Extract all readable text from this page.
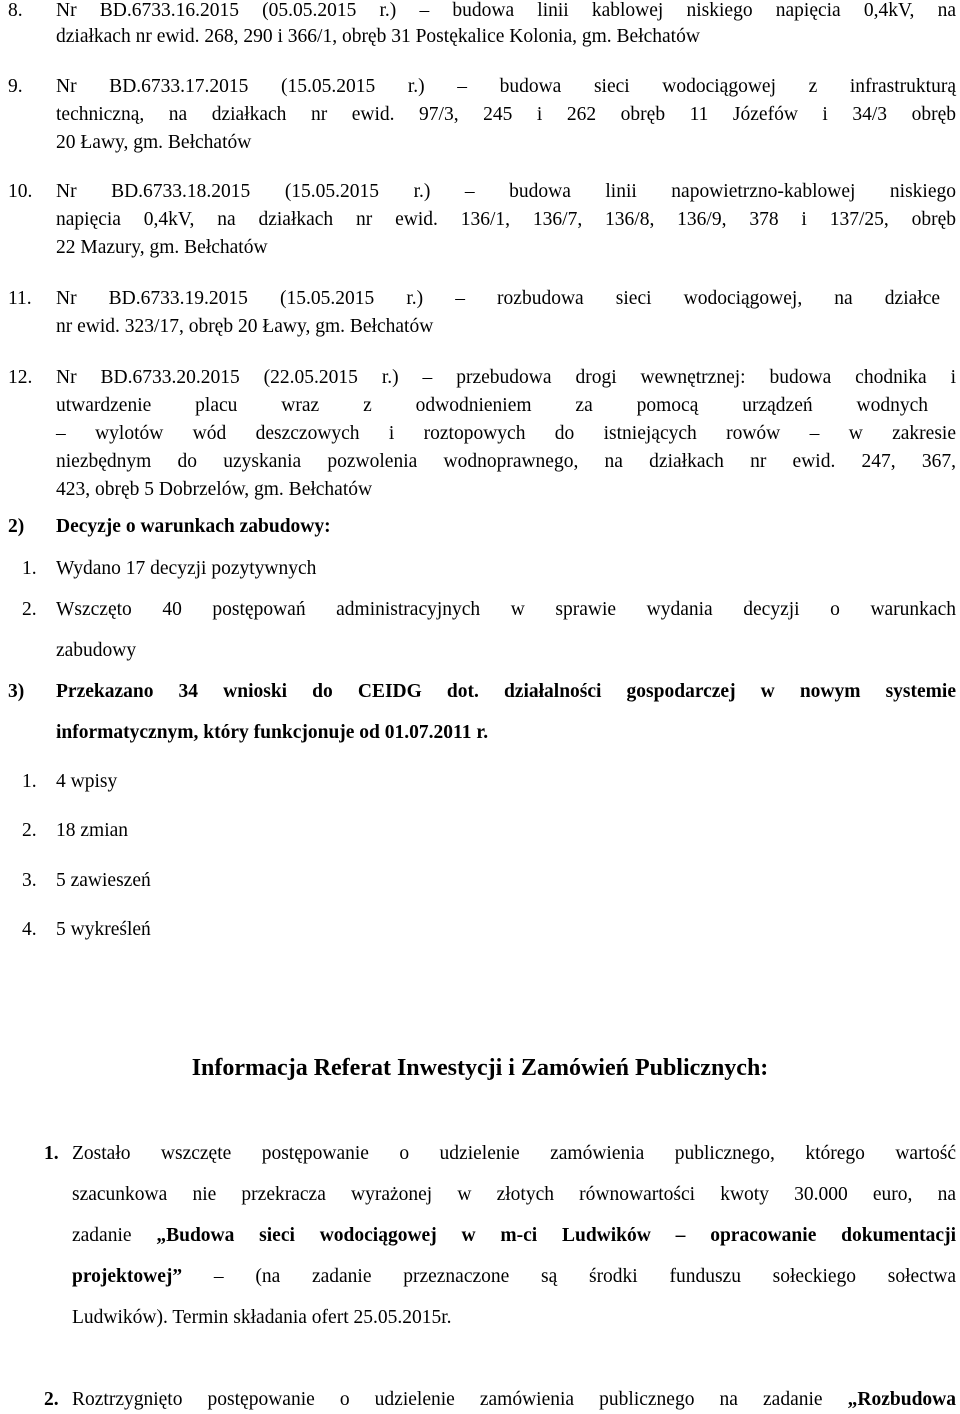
8. Nr BD.6733.16.2015 (05.05.2015 r.) – budowa linii kablowej niskiego napięcia 0,4kV, na
działkach nr ewid. 268, 290 i 366/1, obręb 31 Postękalice Kolonia, gm. Bełchatów
9. Nr BD.6733.17.2015 (15.05.2015 r.) – budowa sieci wodociągowej z infrastrukturą
techniczną, na działkach nr ewid. 97/3, 245 i 262 obręb 11 Józefów i 34/3 obręb
20 Ławy, gm. Bełchatów
10. Nr BD.6733.18.2015 (15.05.2015 r.) – budowa linii napowietrzno-kablowej niskiego
napięcia 0,4kV, na działkach nr ewid. 136/1, 136/7, 136/8, 136/9, 378 i 137/25, obręb
22 Mazury, gm. Bełchatów
11. Nr BD.6733.19.2015 (15.05.2015 r.) – rozbudowa sieci wodociągowej, na działce
nr ewid. 323/17, obręb 20 Ławy, gm. Bełchatów
12. Nr BD.6733.20.2015 (22.05.2015 r.) – przebudowa drogi wewnętrznej: budowa chodnika i
utwardzenie placu wraz z odwodnieniem za pomocą urządzeń wodnych
– wylotów wód deszczowych i roztopowych do istniejących rowów – w zakresie
niezbędnym do uzyskania pozwolenia wodnoprawnego, na działkach nr ewid. 247, 367,
423, obręb 5 Dobrzelów, gm. Bełchatów
2) Decyzje o warunkach zabudowy:
1. Wydano 17 decyzji pozytywnych
2. Wszczęto 40 postępowań administracyjnych w sprawie wydania decyzji o warunkach
zabudowy
3) Przekazano 34 wnioski do CEIDG dot. działalności gospodarczej w nowym systemie
informatycznym, który funkcjonuje od 01.07.2011 r.
1. 4 wpisy
2. 18 zmian
3. 5 zawieszeń
4. 5 wykreśleń
Informacja Referat Inwestycji i Zamówień Publicznych:
1. Zostało wszczęte postępowanie o udzielenie zamówienia publicznego, którego wartość
szacunkowa nie przekracza wyrażonej w złotych równowartości kwoty 30.000 euro, na
zadanie „Budowa sieci wodociągowej w m-ci Ludwików – opracowanie dokumentacji
projektowej” – (na zadanie przeznaczone są środki funduszu sołeckiego sołectwa
Ludwików). Termin składania ofert 25.05.2015r.
2. Roztrzygnięto postępowanie o udzielenie zamówienia publicznego na zadanie „Rozbudowa
